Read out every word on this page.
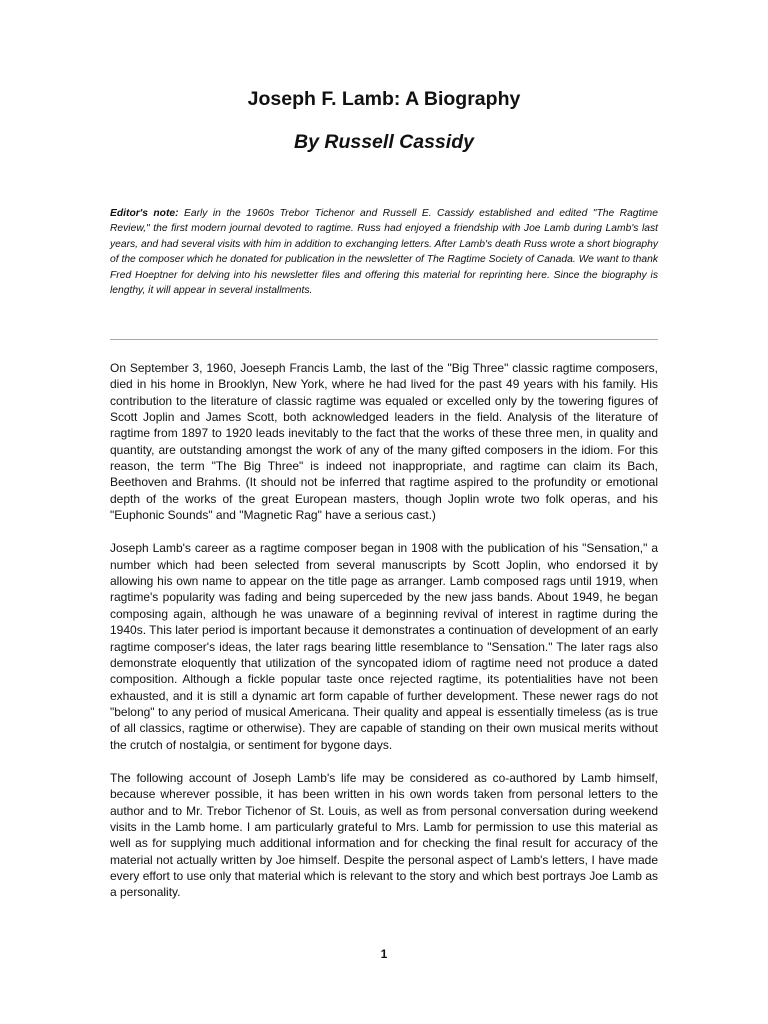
Joseph F. Lamb: A Biography
By Russell Cassidy

Editor's note: Early in the 1960s Trebor Tichenor and Russell E. Cassidy established and edited "The Ragtime Review," the first modern journal devoted to ragtime. Russ had enjoyed a friendship with Joe Lamb during Lamb's last years, and had several visits with him in addition to exchanging letters. After Lamb's death Russ wrote a short biography of the composer which he donated for publication in the newsletter of The Ragtime Society of Canada. We want to thank Fred Hoeptner for delving into his newsletter files and offering this material for reprinting here. Since the biography is lengthy, it will appear in several installments.

On September 3, 1960, Joeseph Francis Lamb, the last of the "Big Three" classic ragtime composers, died in his home in Brooklyn, New York, where he had lived for the past 49 years with his family. His contribution to the literature of classic ragtime was equaled or excelled only by the towering figures of Scott Joplin and James Scott, both acknowledged leaders in the field. Analysis of the literature of ragtime from 1897 to 1920 leads inevitably to the fact that the works of these three men, in quality and quantity, are outstanding amongst the work of any of the many gifted composers in the idiom. For this reason, the term "The Big Three" is indeed not inappropriate, and ragtime can claim its Bach, Beethoven and Brahms. (It should not be inferred that ragtime aspired to the profundity or emotional depth of the works of the great European masters, though Joplin wrote two folk operas, and his "Euphonic Sounds" and "Magnetic Rag" have a serious cast.)

Joseph Lamb's career as a ragtime composer began in 1908 with the publication of his "Sensation," a number which had been selected from several manuscripts by Scott Joplin, who endorsed it by allowing his own name to appear on the title page as arranger. Lamb composed rags until 1919, when ragtime's popularity was fading and being superceded by the new jass bands. About 1949, he began composing again, although he was unaware of a beginning revival of interest in ragtime during the 1940s. This later period is important because it demonstrates a continuation of development of an early ragtime composer's ideas, the later rags bearing little resemblance to "Sensation." The later rags also demonstrate eloquently that utilization of the syncopated idiom of ragtime need not produce a dated composition. Although a fickle popular taste once rejected ragtime, its potentialities have not been exhausted, and it is still a dynamic art form capable of further development. These newer rags do not "belong" to any period of musical Americana. Their quality and appeal is essentially timeless (as is true of all classics, ragtime or otherwise). They are capable of standing on their own musical merits without the crutch of nostalgia, or sentiment for bygone days.

The following account of Joseph Lamb's life may be considered as co-authored by Lamb himself, because wherever possible, it has been written in his own words taken from personal letters to the author and to Mr. Trebor Tichenor of St. Louis, as well as from personal conversation during weekend visits in the Lamb home. I am particularly grateful to Mrs. Lamb for permission to use this material as well as for supplying much additional information and for checking the final result for accuracy of the material not actually written by Joe himself. Despite the personal aspect of Lamb's letters, I have made every effort to use only that material which is relevant to the story and which best portrays Joe Lamb as a personality.

1
